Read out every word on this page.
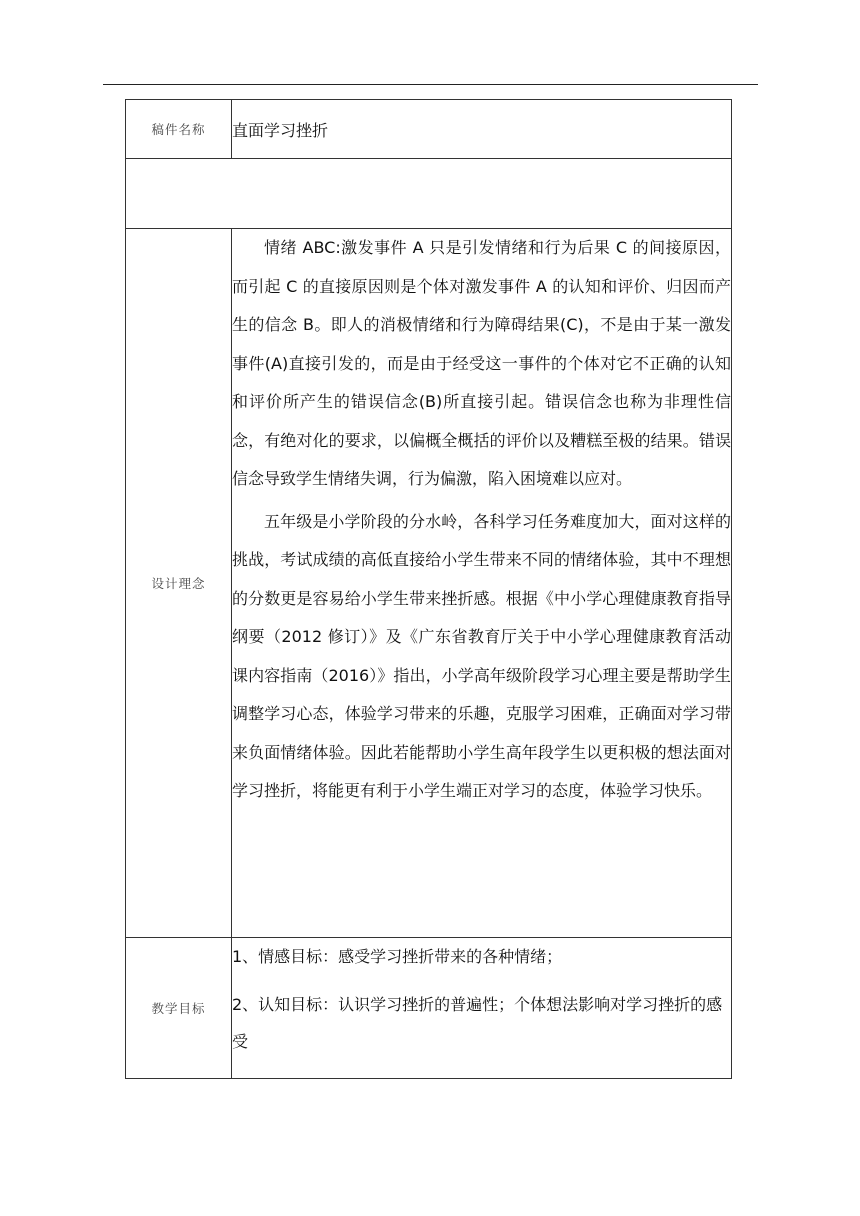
稿件名称	直面学习挫折

设计理念	情绪 ABC:激发事件 A 只是引发情绪和行为后果 C 的间接原因，而引起 C 的直接原因则是个体对激发事件 A 的认知和评价、归因而产生的信念 B。即人的消极情绪和行为障碍结果(C)，不是由于某一激发事件(A)直接引发的，而是由于经受这一事件的个体对它不正确的认知和评价所产生的错误信念(B)所直接引起。错误信念也称为非理性信念，有绝对化的要求，以偏概全概括的评价以及糟糕至极的结果。错误信念导致学生情绪失调，行为偏激，陷入困境难以应对。

五年级是小学阶段的分水岭，各科学习任务难度加大，面对这样的挑战，考试成绩的高低直接给小学生带来不同的情绪体验，其中不理想的分数更是容易给小学生带来挫折感。根据《中小学心理健康教育指导纲要（2012 修订）》及《广东省教育厅关于中小学心理健康教育活动课内容指南（2016）》指出，小学高年级阶段学习心理主要是帮助学生调整学习心态，体验学习带来的乐趣，克服学习困难，正确面对学习带来负面情绪体验。因此若能帮助小学生高年段学生以更积极的想法面对学习挫折，将能更有利于小学生端正对学习的态度，体验学习快乐。

教学目标	1、情感目标：感受学习挫折带来的各种情绪；

2、认知目标：认识学习挫折的普遍性；个体想法影响对学习挫折的感受
